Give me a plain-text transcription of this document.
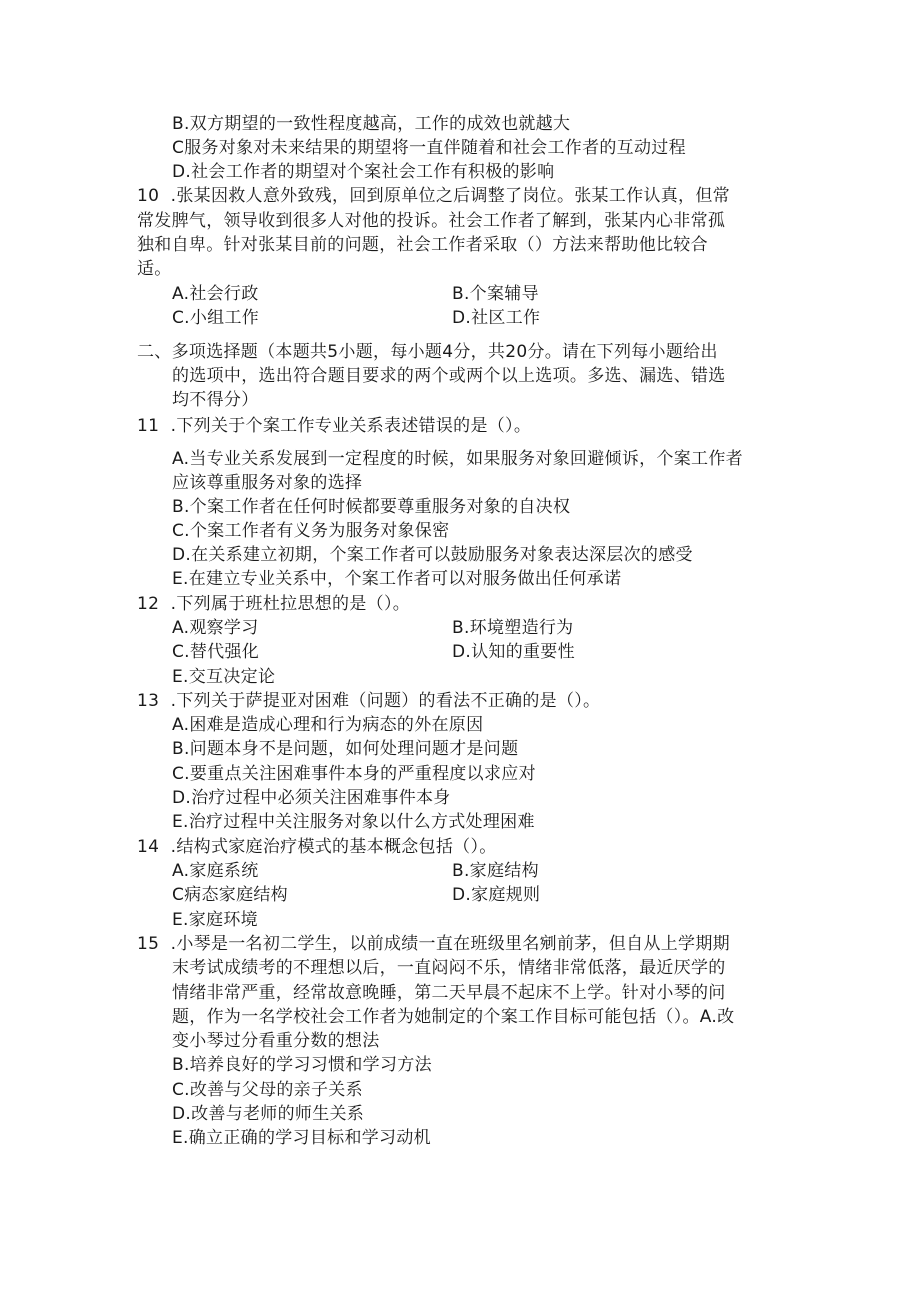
B.双方期望的一致性程度越高，工作的成效也就越大
C服务对象对未来结果的期望将一直伴随着和社会工作者的互动过程
D.社会工作者的期望对个案社会工作有积极的影响
10  .张某因救人意外致残，回到原单位之后调整了岗位。张某工作认真，但常
常发脾气，领导收到很多人对他的投诉。社会工作者了解到，张某内心非常孤
独和自卑。针对张某目前的问题，社会工作者采取（）方法来帮助他比较合
适。
A.社会行政	B.个案辅导
C.小组工作	D.社区工作
二、多项选择题（本题共5小题，每小题4分，共20分。请在下列每小题给出
的选项中，选出符合题目要求的两个或两个以上选项。多选、漏选、错选
均不得分）
11  .下列关于个案工作专业关系表述错误的是（）。
A.当专业关系发展到一定程度的时候，如果服务对象回避倾诉，个案工作者
应该尊重服务对象的选择
B.个案工作者在任何时候都要尊重服务对象的自决权
C.个案工作者有义务为服务对象保密
D.在关系建立初期，个案工作者可以鼓励服务对象表达深层次的感受
E.在建立专业关系中，个案工作者可以对服务做出任何承诺
12  .下列属于班杜拉思想的是（）。
A.观察学习	B.环境塑造行为
C.替代强化	D.认知的重要性
E.交互决定论
13  .下列关于萨提亚对困难（问题）的看法不正确的是（）。
A.困难是造成心理和行为病态的外在原因
B.问题本身不是问题，如何处理问题才是问题
C.要重点关注困难事件本身的严重程度以求应对
D.治疗过程中必须关注困难事件本身
E.治疗过程中关注服务对象以什么方式处理困难
14  .结构式家庭治疗模式的基本概念包括（）。
A.家庭系统	B.家庭结构
C病态家庭结构	D.家庭规则
E.家庭环境
15  .小琴是一名初二学生，以前成绩一直在班级里名剜前茅，但自从上学期期
末考试成绩考的不理想以后，一直闷闷不乐，情绪非常低落，最近厌学的
情绪非常严重，经常故意晚睡，第二天早晨不起床不上学。针对小琴的问
题，作为一名学校社会工作者为她制定的个案工作目标可能包括（）。A.改
变小琴过分看重分数的想法
B.培养良好的学习习惯和学习方法
C.改善与父母的亲子关系
D.改善与老师的师生关系
E.确立正确的学习目标和学习动机
